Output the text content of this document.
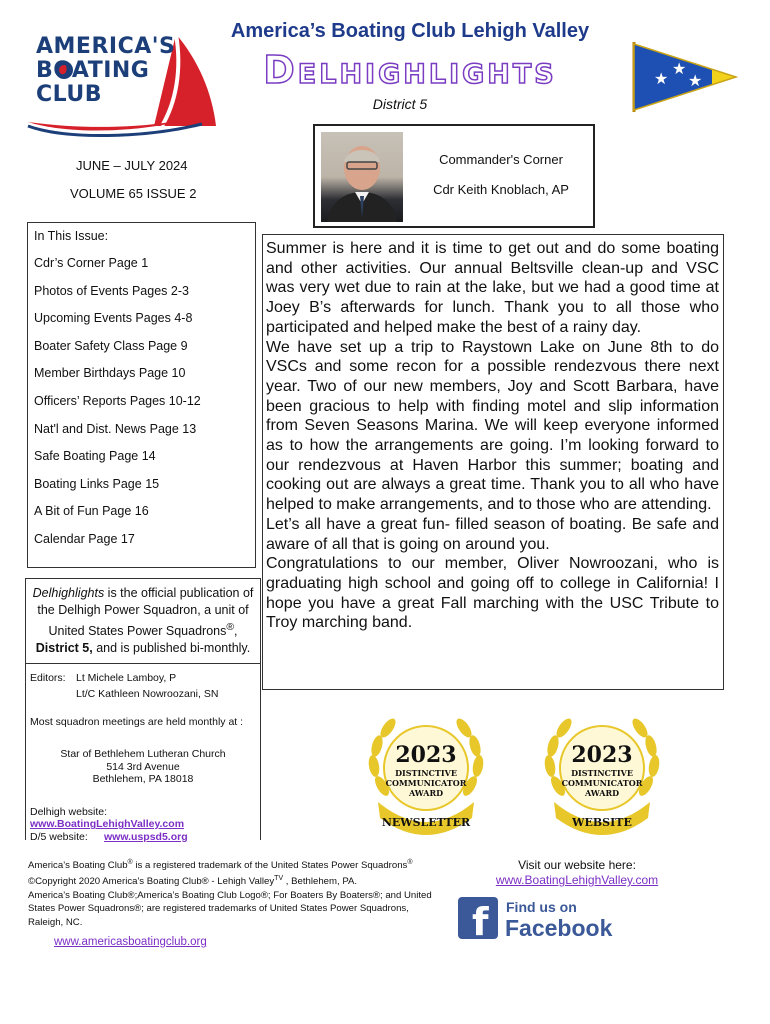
AMERICA'S
BOATING
CLUB
America’s Boating Club Lehigh Valley
Delhighlights
District 5
★
★
★
Commander's Corner
Cdr Keith Knoblach, AP
JUNE – JULY 2024
VOLUME 65 ISSUE 2
In This Issue:
Cdr’s Corner Page 1
Photos of Events Pages 2-3
Upcoming Events Pages 4-8
Boater Safety Class Page 9
Member Birthdays Page 10
Officers’ Reports Pages 10-12
Nat'l and Dist. News Page 13
Safe Boating Page 14
Boating Links Page 15
A Bit of Fun Page 16
Calendar Page 17
Delhighlights is the official publication of the Delhigh Power Squadron, a unit of United States Power Squadrons®, District 5, and is published bi-monthly.
Editors: Lt Michele Lamboy, P
Lt/C Kathleen Nowroozani, SN
Most squadron meetings are held monthly at :
Star of Bethlehem Lutheran Church
514 3rd Avenue
Bethlehem, PA 18018
Delhigh website:
www.BoatingLehighValley.com
D/5 website: www.uspsd5.org

Summer is here and it is time to get out and do some boating and other activities. Our annual Beltsville clean-up and VSC was very wet due to rain at the lake, but we had a good time at Joey B’s afterwards for lunch. Thank you to all those who participated and helped make the best of a rainy day.

We have set up a trip to Raystown Lake on June 8th to do VSCs and some recon for a possible rendezvous there next year. Two of our new members, Joy and Scott Barbara, have been gracious to help with finding motel and slip information from Seven Seasons Marina. We will keep everyone informed as to how the arrangements are going. I’m looking forward to our rendezvous at Haven Harbor this summer; boating and cooking out are always a great time. Thank you to all who have helped to make arrangements, and to those who are attending.

Let’s all have a great fun- filled season of boating. Be safe and aware of all that is going on around you.

Congratulations to our member, Oliver Nowroozani, who is graduating high school and going off to college in California! I hope you have a great Fall marching with the USC Tribute to Troy marching band.

2023
DISTINCTIVE
COMMUNICATOR
AWARD
NEWSLETTER
2023
DISTINCTIVE
COMMUNICATOR
AWARD
WEBSITE
America’s Boating Club® is a registered trademark of the United States Power Squadrons®
©Copyright 2020 America's Boating Club® - Lehigh Valley$^{TV}$ , Bethlehem, PA.
America’s Boating Club®;America’s Boating Club Logo®; For Boaters By Boaters®; and United States Power Squadrons®; are registered trademarks of United States Power Squadrons, Raleigh, NC.
Visit our website here:
www.BoatingLehighValley.com
f Find us on
Facebook
www.americasboatingclub.org
